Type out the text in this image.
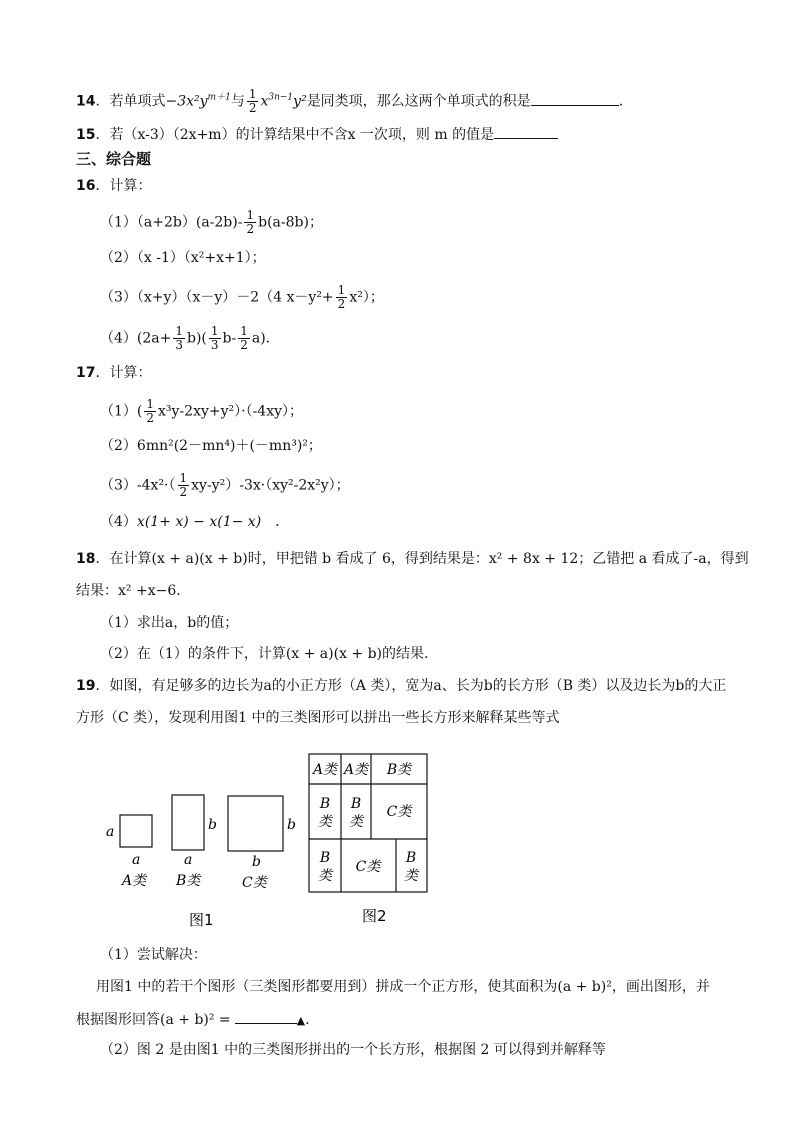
14．若单项式$-3x^2y^{m+1}$与 $\frac{1}{2} x^{3n-1}y^2$是同类项，那么这两个单项式的积是	．
15．若（x-3）（2x+m）的计算结果中不含x 一次项，则 m 的值是
三、综合题
16．计算：
$(1)(a+2b)(a-2b)- \frac{1}{2} b(a-8b)$；
（2）（x -1）（x²+x+1）；
（3）（x+y）（x－y）－2（4 $x-y^2+ \frac{1}{2} x^2$）；
$(4)(2a+ \frac{1}{3} b)( \frac{1}{3} b- \frac{1}{2} a)$．
17．计算：
$(1)( \frac{1}{2} x^3y-2xy+y^2)\cdot(-4xy)$；
（2）6mn²(2－mn⁴)＋(－mn³)²；
$(3)-4x^2\cdot( \frac{1}{2} xy-y^2)-3x\cdot(xy^2-2x^2y)$；
（4）x(1+ x) − x(1− x) ．
18．在计算(x + a)(x + b)时，甲把错 b 看成了 6，得到结果是：x² + 8x + 12；乙错把 a 看成了-a，得到
结果：x² +x−6.
（1）求出a，b的值；
（2）在（1）的条件下，计算(x + a)(x + b)的结果.
19．如图，有足够多的边长为a的小正方形（A 类），宽为a、长为b的长方形（B 类）以及边长为b的大正
方形（C 类），发现利用图1 中的三类图形可以拼出一些长方形来解释某些等式
a
a
A类
b
a
B类
b
b
C类
图1
A类 A类 B类
B
类
B
类
C类
B
类
C类
B
类
图2
（1）尝试解决：
用图1 中的若干个图形（三类图形都要用到）拼成一个正方形，使其面积为(a + b)²，画出图形，并
根据图形回答(a + b)² =	▲.
（2）图 2 是由图1 中的三类图形拼出的一个长方形，根据图 2 可以得到并解释等
